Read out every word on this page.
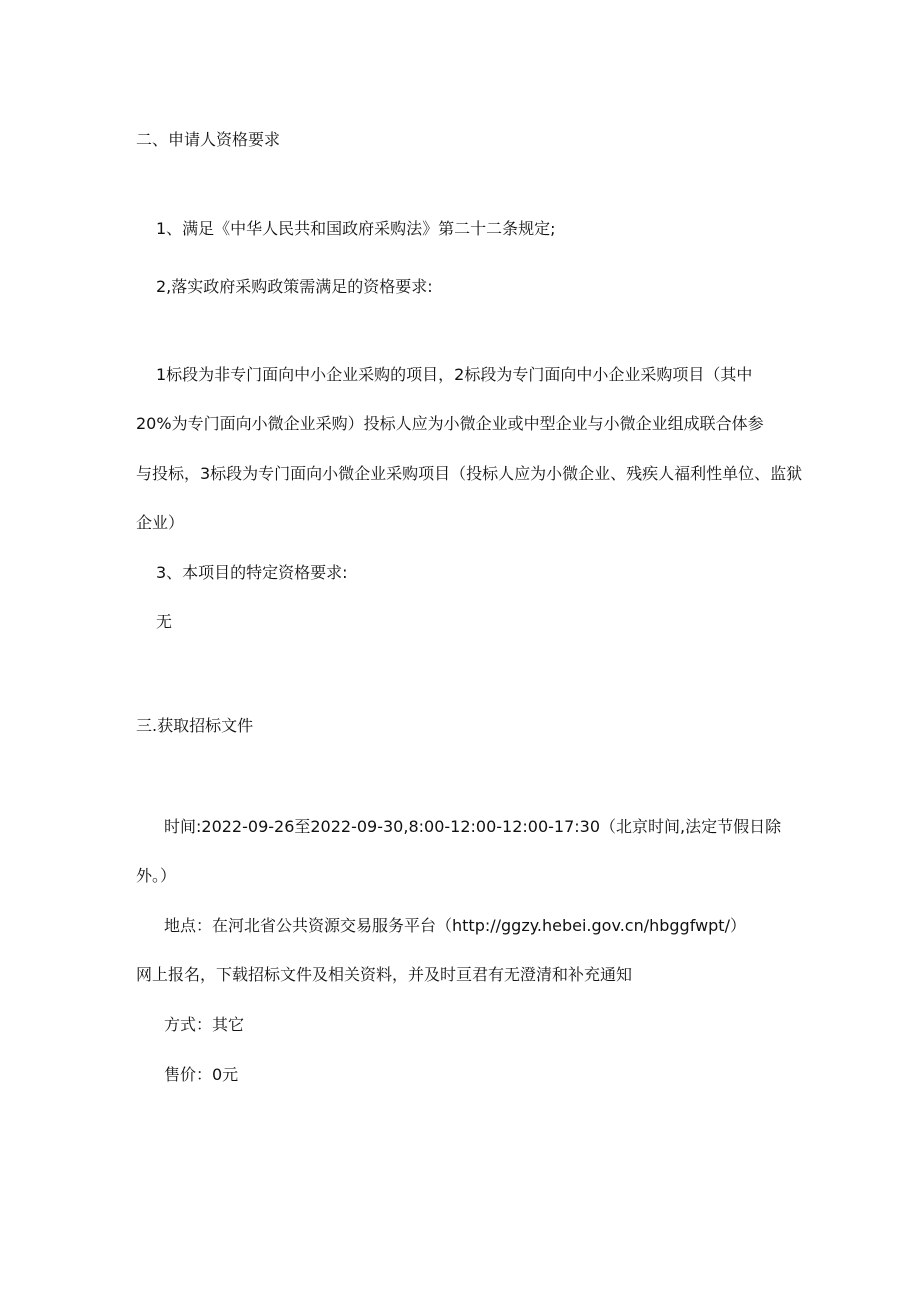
二、申请人资格要求
1、满足《中华人民共和国政府采购法》第二十二条规定;
2,落实政府采购政策需满足的资格要求:
1标段为非专门面向中小企业采购的项目，2标段为专门面向中小企业采购项目（其中
20%为专门面向小微企业采购）投标人应为小微企业或中型企业与小微企业组成联合体参
与投标，3标段为专门面向小微企业采购项目（投标人应为小微企业、残疾人福利性单位、监狱
企业）
3、本项目的特定资格要求:
无
三.获取招标文件
时间:2022-09-26至2022-09-30,8:00-12:00-12:00-17:30（北京时间,法定节假日除
外。）
地点：在河北省公共资源交易服务平台（http://ggzy.hebei.gov.cn/hbggfwpt/）
网上报名，下载招标文件及相关资料，并及时亘君有无澄清和补充通知
方式：其它
售价：0元
